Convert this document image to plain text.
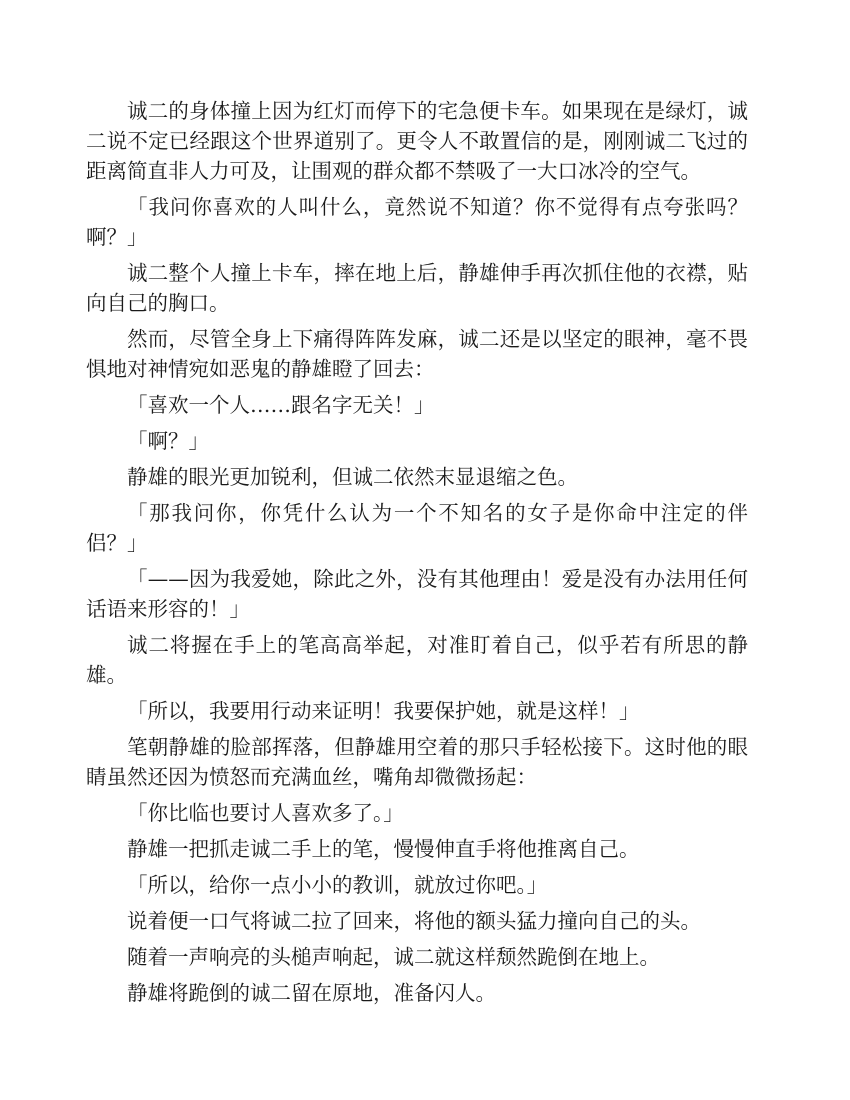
诚二的身体撞上因为红灯而停下的宅急便卡车。如果现在是绿灯，诚二说不定已经跟这个世界道别了。更令人不敢置信的是，刚刚诚二飞过的距离简直非人力可及，让围观的群众都不禁吸了一大口冰冷的空气。

「我问你喜欢的人叫什么，竟然说不知道？你不觉得有点夸张吗？啊？」

诚二整个人撞上卡车，摔在地上后，静雄伸手再次抓住他的衣襟，贴向自己的胸口。

然而，尽管全身上下痛得阵阵发麻，诚二还是以坚定的眼神，毫不畏惧地对神情宛如恶鬼的静雄瞪了回去：

「喜欢一个人……跟名字无关！」

「啊？」

静雄的眼光更加锐利，但诚二依然末显退缩之色。

「那我问你，你凭什么认为一个不知名的女子是你命中注定的伴侣？」

「——因为我爱她，除此之外，没有其他理由！爱是没有办法用任何话语来形容的！」

诚二将握在手上的笔高高举起，对准盯着自己，似乎若有所思的静雄。

「所以，我要用行动来证明！我要保护她，就是这样！」

笔朝静雄的脸部挥落，但静雄用空着的那只手轻松接下。这时他的眼睛虽然还因为愤怒而充满血丝，嘴角却微微扬起：

「你比临也要讨人喜欢多了。」

静雄一把抓走诚二手上的笔，慢慢伸直手将他推离自己。

「所以，给你一点小小的教训，就放过你吧。」

说着便一口气将诚二拉了回来，将他的额头猛力撞向自己的头。

随着一声响亮的头槌声响起，诚二就这样颓然跪倒在地上。

静雄将跪倒的诚二留在原地，准备闪人。
